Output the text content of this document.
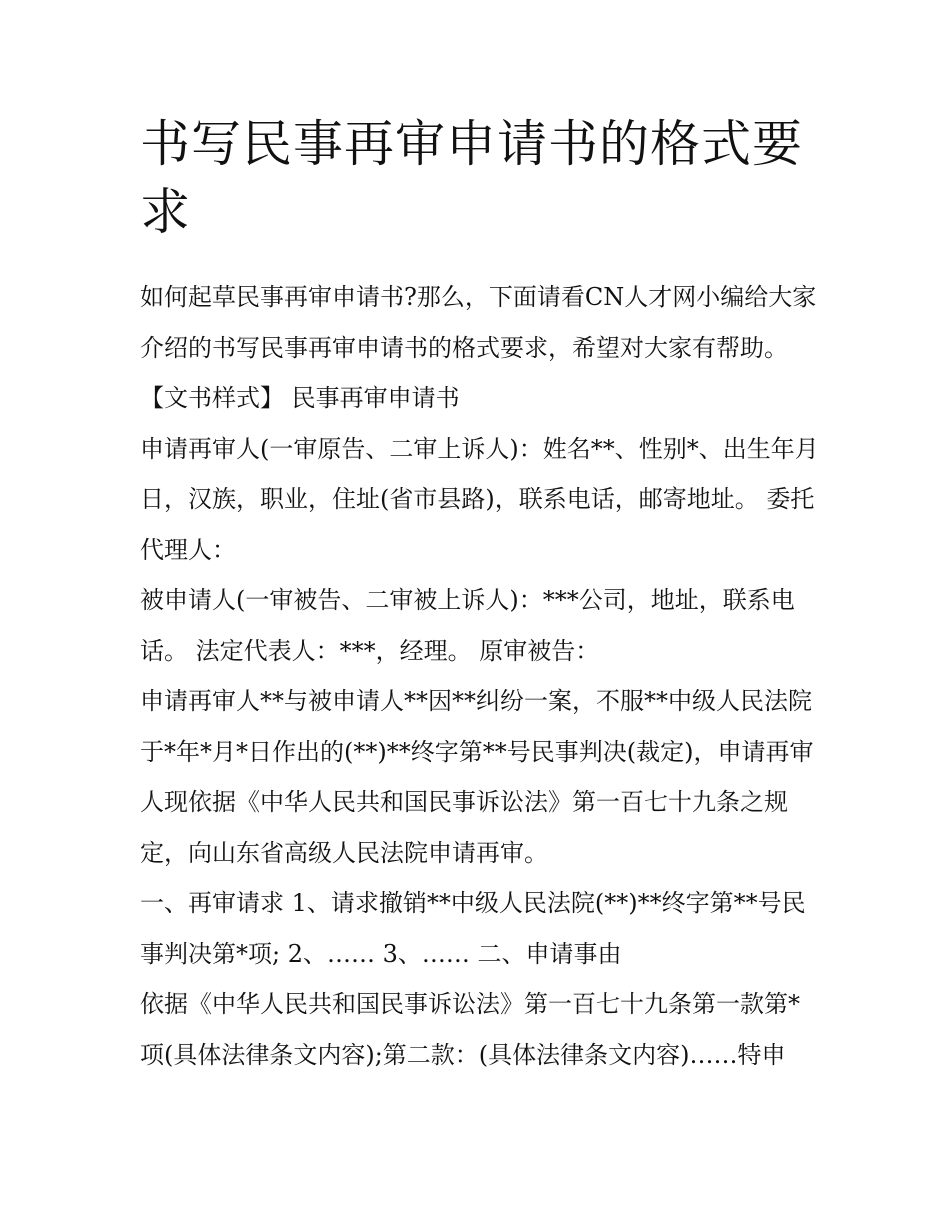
书写民事再审申请书的格式要求

如何起草民事再审申请书?那么，下面请看CN人才网小编给大家介绍的书写民事再审申请书的格式要求，希望对大家有帮助。【文书样式】 民事再审申请书

申请再审人(一审原告、二审上诉人)：姓名**、性别*、出生年月日，汉族，职业，住址(省市县路)，联系电话，邮寄地址。 委托代理人：

被申请人(一审被告、二审被上诉人)：***公司，地址，联系电话。 法定代表人：***，经理。 原审被告：

申请再审人**与被申请人**因**纠纷一案，不服**中级人民法院于*年*月*日作出的(**)**终字第**号民事判决(裁定)，申请再审人现依据《中华人民共和国民事诉讼法》第一百七十九条之规定，向山东省高级人民法院申请再审。

一、再审请求 1、请求撤销**中级人民法院(**)**终字第**号民事判决第*项; 2、…… 3、…… 二、申请事由

依据《中华人民共和国民事诉讼法》第一百七十九条第一款第*项(具体法律条文内容);第二款：(具体法律条文内容)……特申
